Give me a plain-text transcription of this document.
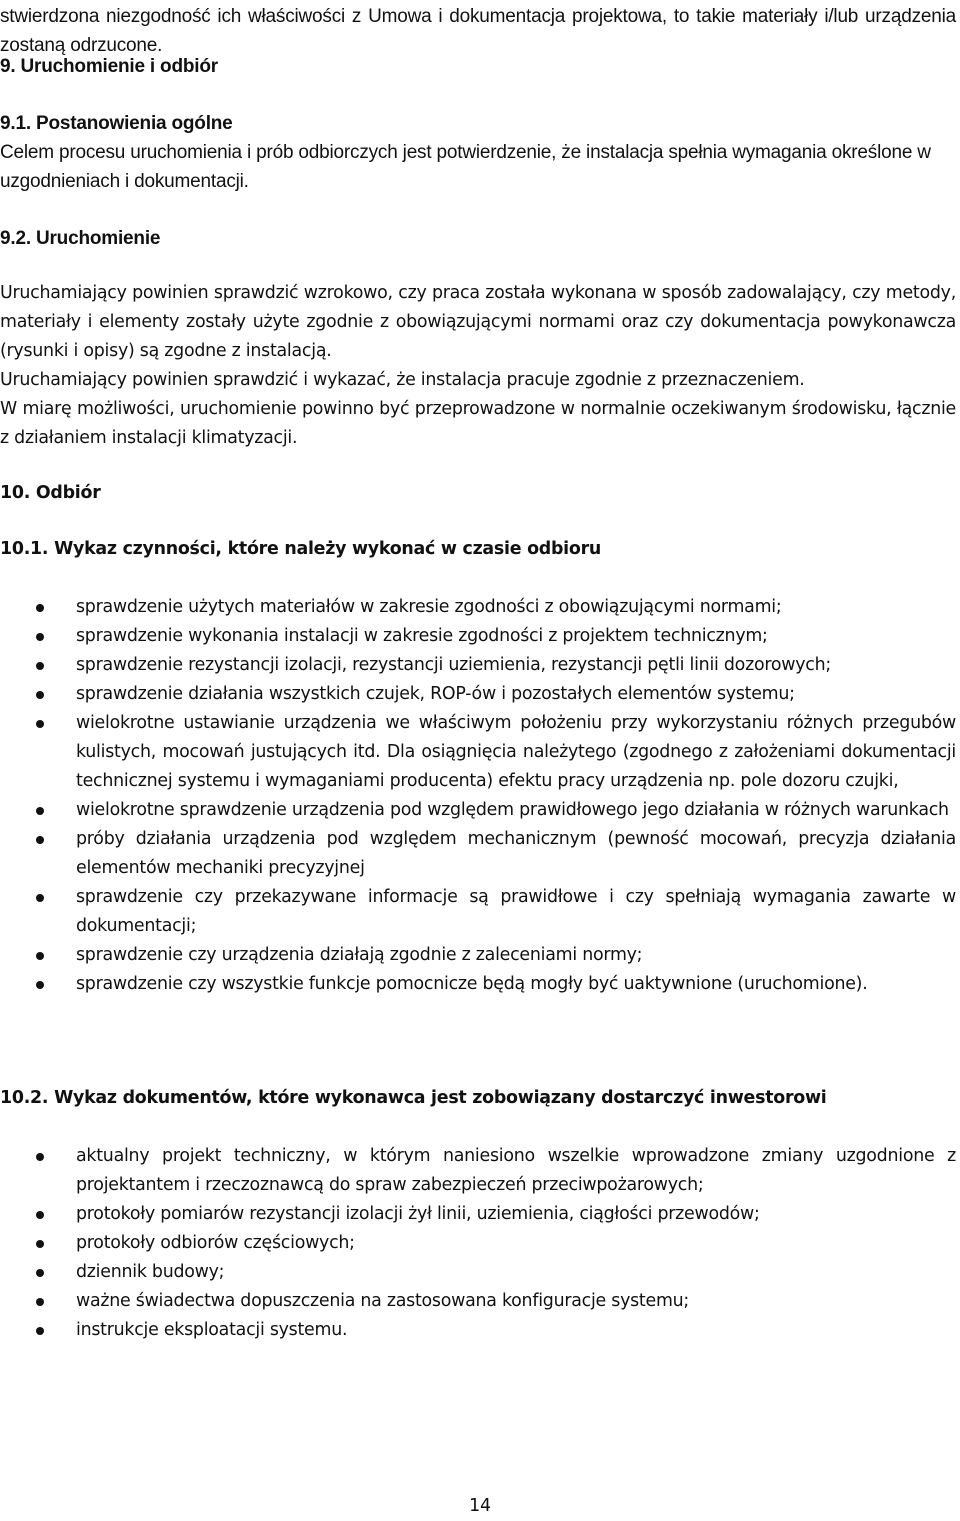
stwierdzona niezgodność ich właściwości z Umowa i dokumentacja projektowa, to takie materiały i/lub urządzenia zostaną odrzucone.

9. Uruchomienie i odbiór

9.1. Postanowienia ogólne

Celem procesu uruchomienia i prób odbiorczych jest potwierdzenie, że instalacja spełnia wymagania określone w uzgodnieniach i dokumentacji.

9.2. Uruchomienie

Uruchamiający powinien sprawdzić wzrokowo, czy praca została wykonana w sposób zadowalający, czy metody, materiały i elementy zostały użyte zgodnie z obowiązującymi normami oraz czy dokumentacja powykonawcza (rysunki i opisy) są zgodne z instalacją.

Uruchamiający powinien sprawdzić i wykazać, że instalacja pracuje zgodnie z przeznaczeniem.

W miarę możliwości, uruchomienie powinno być przeprowadzone w normalnie oczekiwanym środowisku, łącznie z działaniem instalacji klimatyzacji.

10. Odbiór

10.1. Wykaz czynności, które należy wykonać w czasie odbioru

sprawdzenie użytych materiałów w zakresie zgodności z obowiązującymi normami;
sprawdzenie wykonania instalacji w zakresie zgodności z projektem technicznym;
sprawdzenie rezystancji izolacji, rezystancji uziemienia, rezystancji pętli linii dozorowych;
sprawdzenie działania wszystkich czujek, ROP-ów i pozostałych elementów systemu;
wielokrotne ustawianie urządzenia we właściwym położeniu przy wykorzystaniu różnych przegubów kulistych, mocowań justujących itd. Dla osiągnięcia należytego (zgodnego z założeniami dokumentacji technicznej systemu i wymaganiami producenta) efektu pracy urządzenia np. pole dozoru czujki,
wielokrotne sprawdzenie urządzenia pod względem prawidłowego jego działania w różnych warunkach
próby działania urządzenia pod względem mechanicznym (pewność mocowań, precyzja działania elementów mechaniki precyzyjnej
sprawdzenie czy przekazywane informacje są prawidłowe i czy spełniają wymagania zawarte w dokumentacji;
sprawdzenie czy urządzenia działają zgodnie z zaleceniami normy;
sprawdzenie czy wszystkie funkcje pomocnicze będą mogły być uaktywnione (uruchomione).

10.2. Wykaz dokumentów, które wykonawca jest zobowiązany dostarczyć inwestorowi

aktualny projekt techniczny, w którym naniesiono wszelkie wprowadzone zmiany uzgodnione z projektantem i rzeczoznawcą do spraw zabezpieczeń przeciwpożarowych;
protokoły pomiarów rezystancji izolacji żył linii, uziemienia, ciągłości przewodów;
protokoły odbiorów częściowych;
dziennik budowy;
ważne świadectwa dopuszczenia na zastosowana konfiguracje systemu;
instrukcje eksploatacji systemu.
14
